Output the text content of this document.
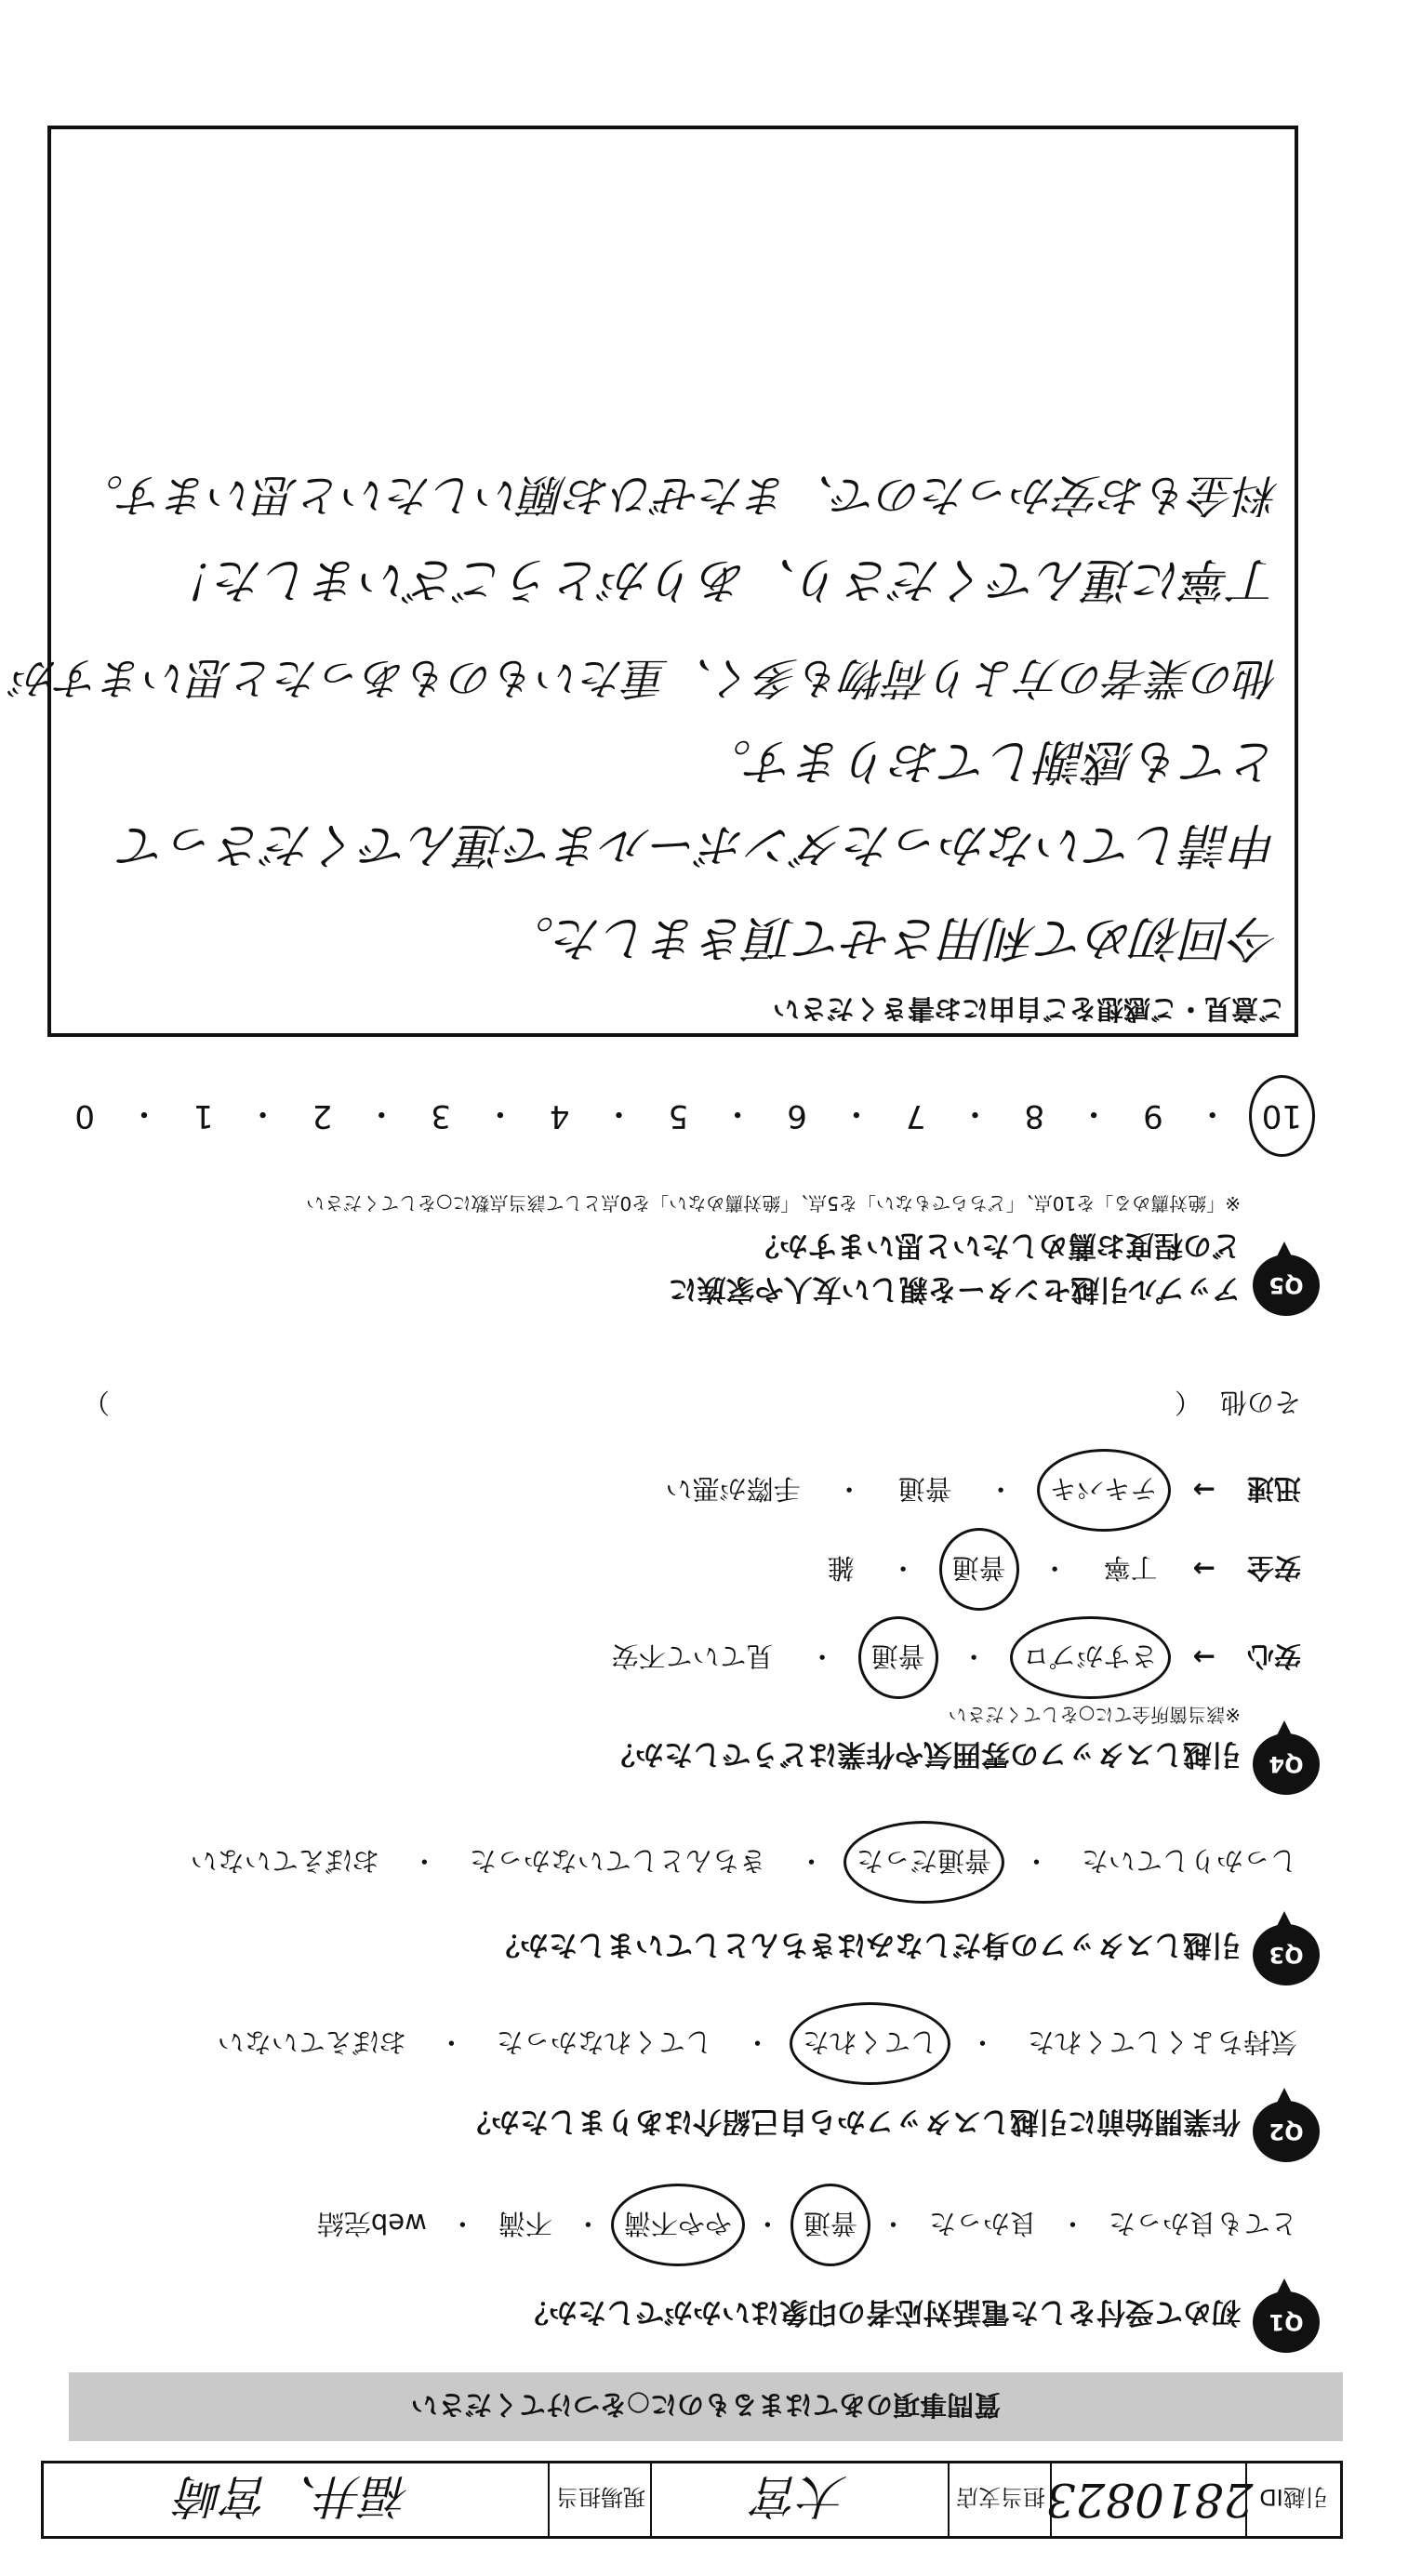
引越ID
2810823
担当支店
大宮
現場担当
福井、宮崎
質問事項のあてはまるものに○をつけてください
Q1
初めて受付をした電話対応者の印象はいかがでしたか？
とても良かった
・
良かった
・
普通
・
やや不満
・
不満
・
web完結
Q2
作業開始前に引越しスタッフから自己紹介はありましたか？
気持ちよくしてくれた
・
してくれた
・
してくれなかった
・
おぼえていない
Q3
引越しスタッフの身だしなみはきちんとしていましたか？
しっかりしていた
・
普通だった
・
きちんとしていなかった
・
おぼえていない
Q4
引越しスタッフの雰囲気や作業はどうでしたか？
※該当箇所全てに○をしてください
安心
→
さすがプロ
・
普通
・
見ていて不安
安全
→
丁寧
・
普通
・
雑
迅速
→
テキパキ
・
普通
・
手際が悪い
その他
（
）
Q5
アップル引越センターを親しい友人や家族に
どの程度お薦めしたいと思いますか？
※「絶対薦める」を10点、「どちらでもない」を5点、「絶対薦めない」を0点として該当点数に○をしてください
10
・
9
・
8
・
7
・
6
・
5
・
4
・
3
・
2
・
1
・
0
ご意見・ご感想をご自由にお書きください
今回初めて利用させて頂きました。
申請していなかったダンボールまで運んでくださって
とても感謝しております。
他の業者の方より荷物も多く、重たいものもあったと思いますが
丁寧に運んでくださり、ありがとうございました！
料金もお安かったので、またぜひお願いしたいと思います。
